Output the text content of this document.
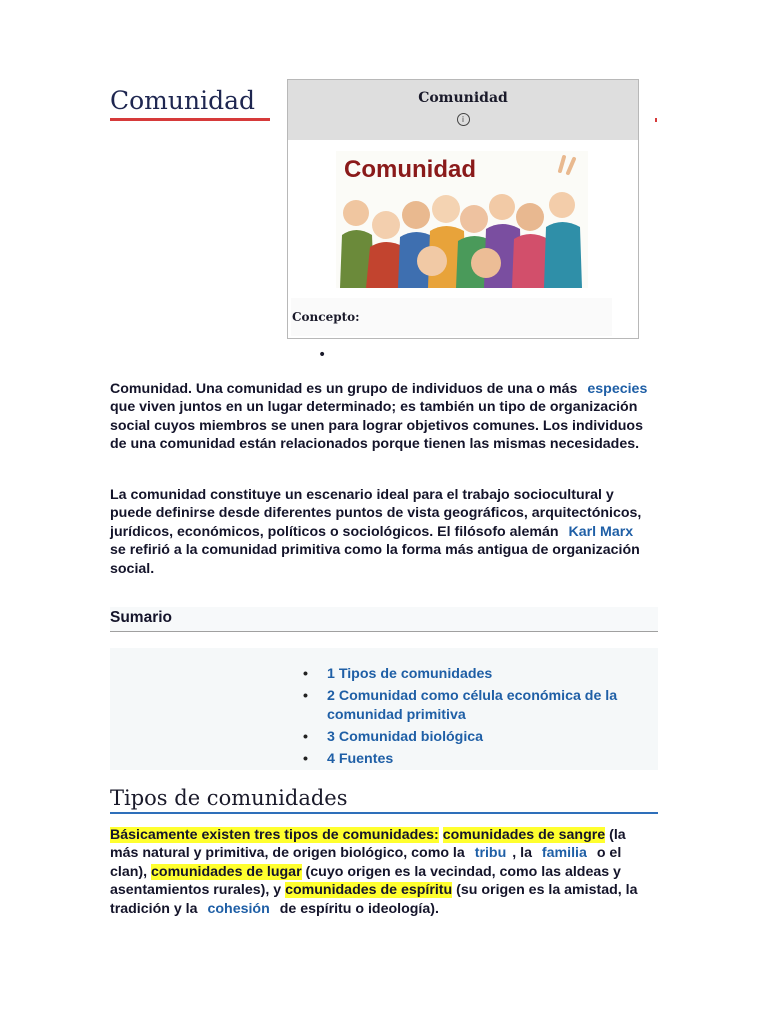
Comunidad	Comunidad
i
Comunidad
Concepto:
•

Comunidad. Una comunidad es un grupo de individuos de una o más especies que viven juntos en un lugar determinado; es también un tipo de organización social cuyos miembros se unen para lograr objetivos comunes. Los individuos de una comunidad están relacionados porque tienen las mismas necesidades.

La comunidad constituye un escenario ideal para el trabajo sociocultural y puede definirse desde diferentes puntos de vista geográficos, arquitectónicos, jurídicos, económicos, políticos o sociológicos. El filósofo alemán Karl Marx se refirió a la comunidad primitiva como la forma más antigua de organización social.

Sumario
• 1 Tipos de comunidades
• 2 Comunidad como célula económica de la comunidad primitiva
• 3 Comunidad biológica
• 4 Fuentes
Tipos de comunidades

Básicamente existen tres tipos de comunidades: comunidades de sangre (la más natural y primitiva, de origen biológico, como la tribu , la familia o el clan), comunidades de lugar (cuyo origen es la vecindad, como las aldeas y asentamientos rurales), y comunidades de espíritu (su origen es la amistad, la tradición y la cohesión de espíritu o ideología).
